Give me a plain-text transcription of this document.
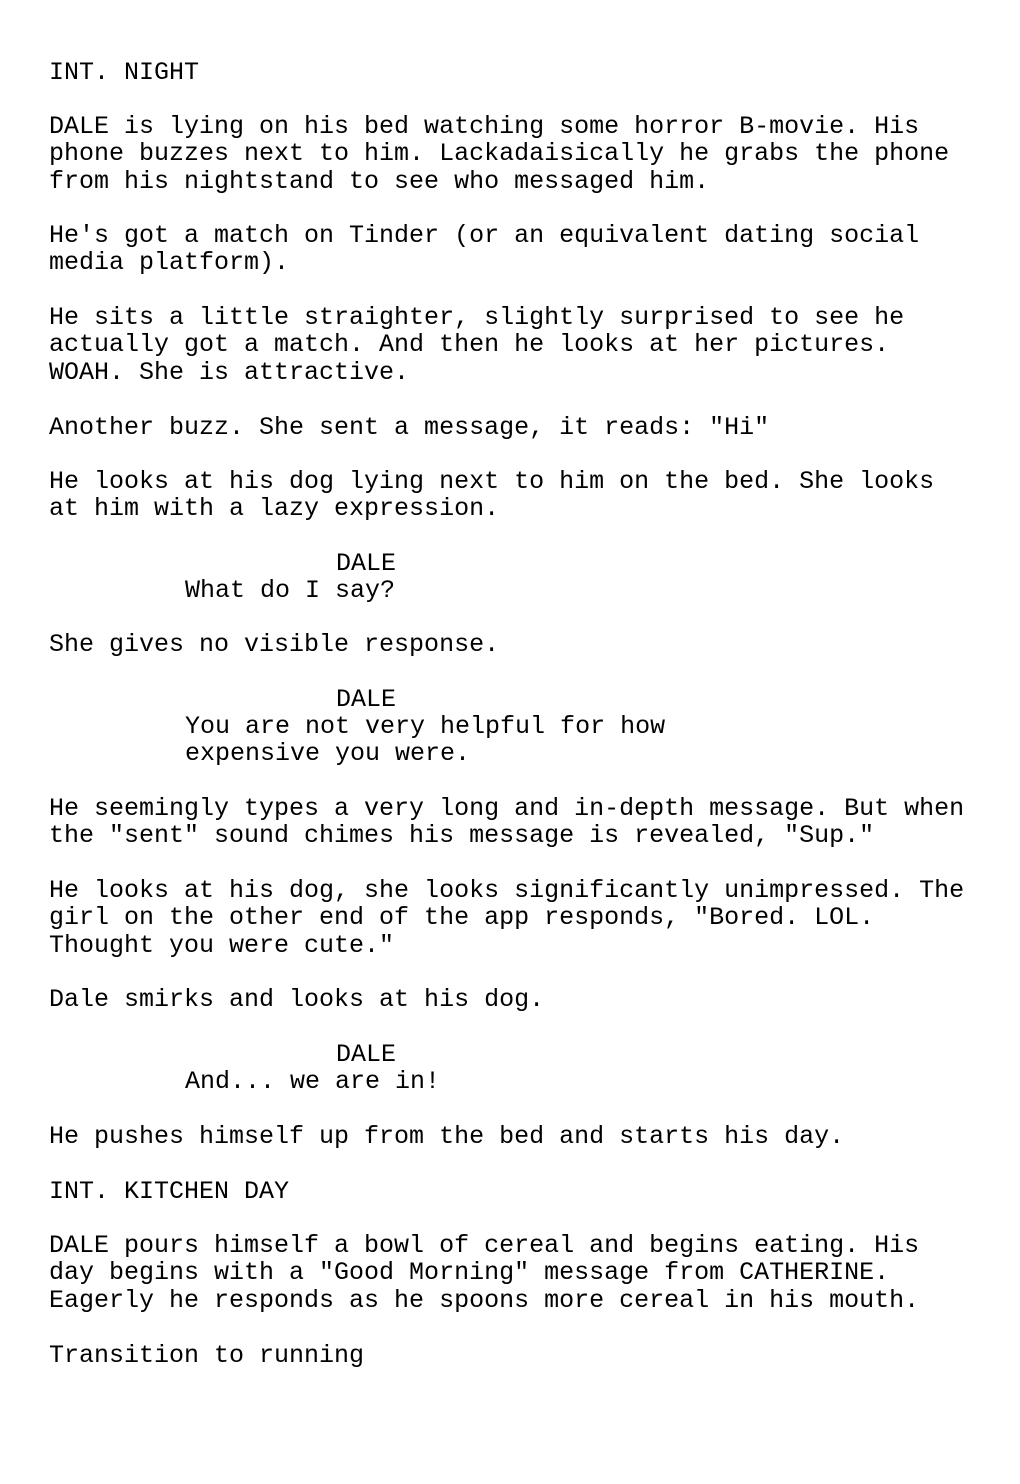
INT. NIGHT

DALE is lying on his bed watching some horror B-movie. His
phone buzzes next to him. Lackadaisically he grabs the phone
from his nightstand to see who messaged him.

He's got a match on Tinder (or an equivalent dating social
media platform).

He sits a little straighter, slightly surprised to see he
actually got a match. And then he looks at her pictures.
WOAH. She is attractive.

Another buzz. She sent a message, it reads: "Hi"

He looks at his dog lying next to him on the bed. She looks
at him with a lazy expression.

DALE

What do I say?

She gives no visible response.

DALE

You are not very helpful for how
expensive you were.

He seemingly types a very long and in-depth message. But when
the "sent" sound chimes his message is revealed, "Sup."

He looks at his dog, she looks significantly unimpressed. The
girl on the other end of the app responds, "Bored. LOL.
Thought you were cute."

Dale smirks and looks at his dog.

DALE

And... we are in!

He pushes himself up from the bed and starts his day.

INT. KITCHEN DAY

DALE pours himself a bowl of cereal and begins eating. His
day begins with a "Good Morning" message from CATHERINE.
Eagerly he responds as he spoons more cereal in his mouth.

Transition to running
